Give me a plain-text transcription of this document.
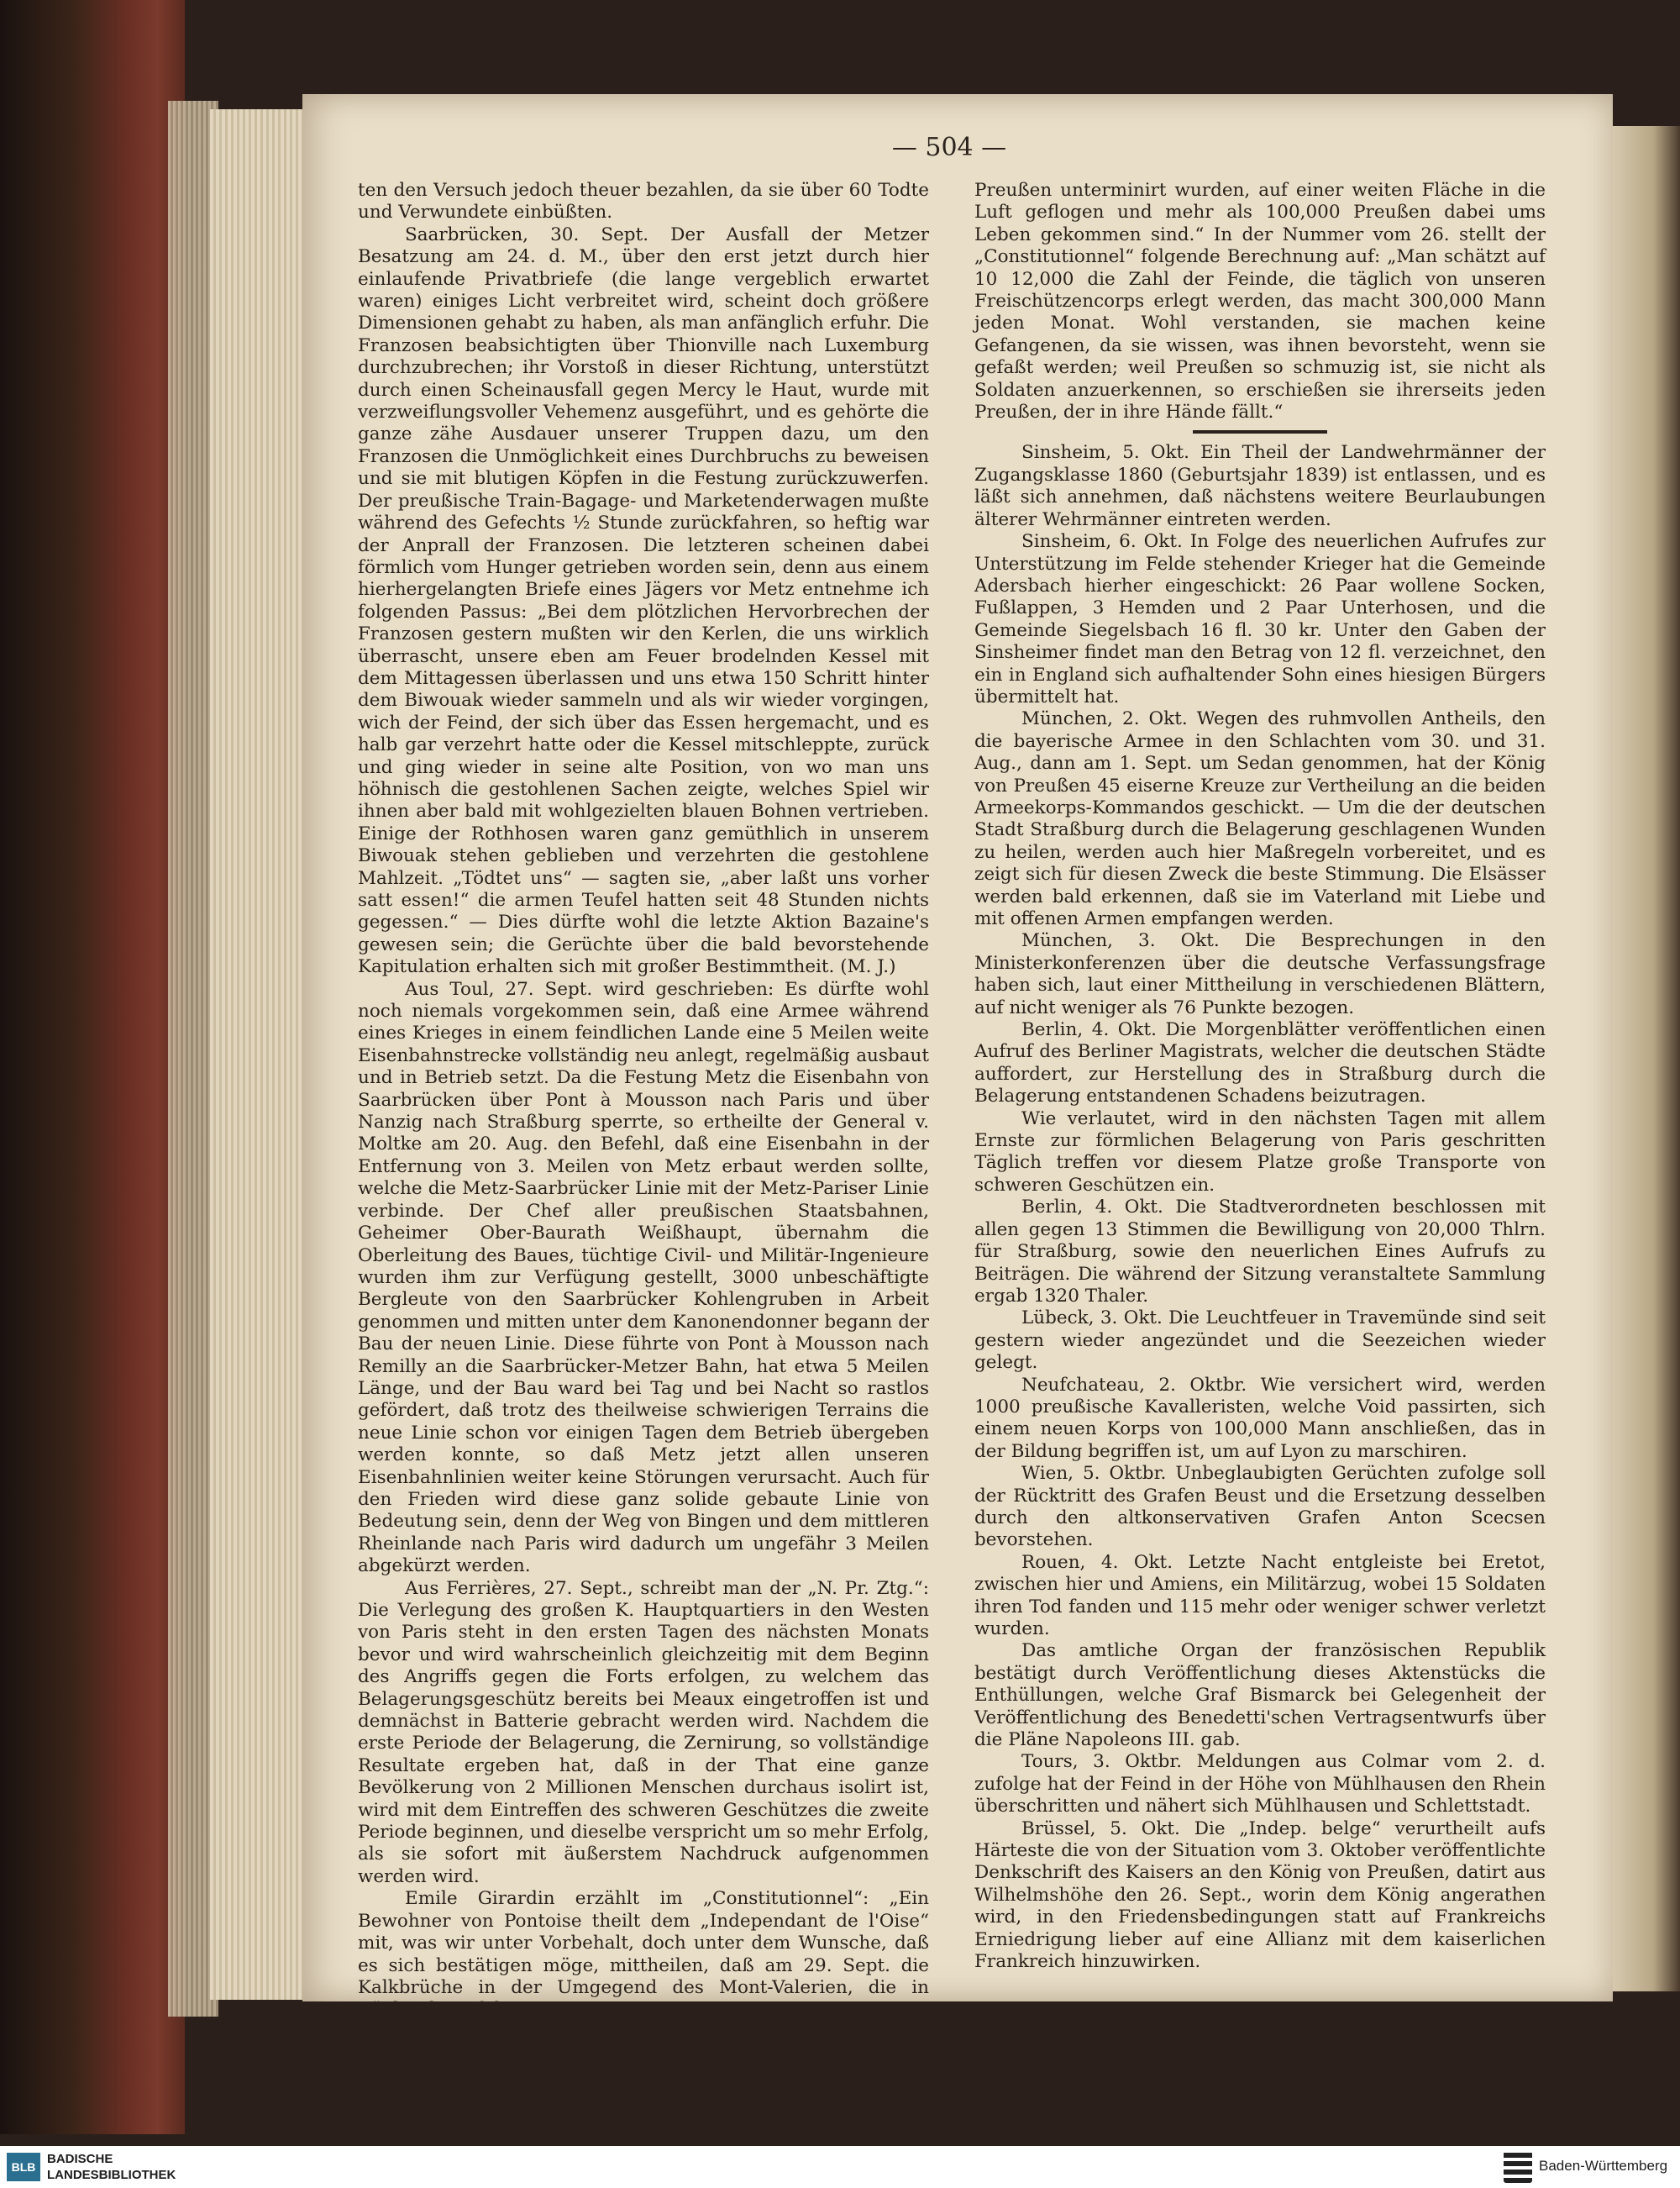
— 504 —

ten den Versuch jedoch theuer bezahlen, da sie über 60 Todte und Verwundete einbüßten.

Saarbrücken, 30. Sept. Der Ausfall der Metzer Besatzung am 24. d. M., über den erst jetzt durch hier einlaufende Privatbriefe (die lange vergeblich erwartet waren) einiges Licht verbreitet wird, scheint doch größere Dimensionen gehabt zu haben, als man anfänglich erfuhr. Die Franzosen beabsichtigten über Thionville nach Luxemburg durchzubrechen; ihr Vorstoß in dieser Richtung, unterstützt durch einen Scheinausfall gegen Mercy le Haut, wurde mit verzweiflungsvoller Vehemenz ausgeführt, und es gehörte die ganze zähe Ausdauer unserer Truppen dazu, um den Franzosen die Unmöglichkeit eines Durchbruchs zu beweisen und sie mit blutigen Köpfen in die Festung zurückzuwerfen. Der preußische Train-Bagage- und Marketenderwagen mußte während des Gefechts ½ Stunde zurückfahren, so heftig war der Anprall der Franzosen. Die letzteren scheinen dabei förmlich vom Hunger getrieben worden sein, denn aus einem hierhergelangten Briefe eines Jägers vor Metz entnehme ich folgenden Passus: „Bei dem plötzlichen Hervorbrechen der Franzosen gestern mußten wir den Kerlen, die uns wirklich überrascht, unsere eben am Feuer brodelnden Kessel mit dem Mittagessen überlassen und uns etwa 150 Schritt hinter dem Biwouak wieder sammeln und als wir wieder vorgingen, wich der Feind, der sich über das Essen hergemacht, und es halb gar verzehrt hatte oder die Kessel mitschleppte, zurück und ging wieder in seine alte Position, von wo man uns höhnisch die gestohlenen Sachen zeigte, welches Spiel wir ihnen aber bald mit wohlgezielten blauen Bohnen vertrieben. Einige der Rothhosen waren ganz gemüthlich in unserem Biwouak stehen geblieben und verzehrten die gestohlene Mahlzeit. „Tödtet uns“ — sagten sie, „aber laßt uns vorher satt essen!“ die armen Teufel hatten seit 48 Stunden nichts gegessen.“ — Dies dürfte wohl die letzte Aktion Bazaine's gewesen sein; die Gerüchte über die bald bevorstehende Kapitulation erhalten sich mit großer Bestimmtheit. (M. J.)

Aus Toul, 27. Sept. wird geschrieben: Es dürfte wohl noch niemals vorgekommen sein, daß eine Armee während eines Krieges in einem feindlichen Lande eine 5 Meilen weite Eisenbahnstrecke vollständig neu anlegt, regelmäßig ausbaut und in Betrieb setzt. Da die Festung Metz die Eisenbahn von Saarbrücken über Pont à Mousson nach Paris und über Nanzig nach Straßburg sperrte, so ertheilte der General v. Moltke am 20. Aug. den Befehl, daß eine Eisenbahn in der Entfernung von 3. Meilen von Metz erbaut werden sollte, welche die Metz-Saarbrücker Linie mit der Metz-Pariser Linie verbinde. Der Chef aller preußischen Staatsbahnen, Geheimer Ober-Baurath Weißhaupt, übernahm die Oberleitung des Baues, tüchtige Civil- und Militär-Ingenieure wurden ihm zur Verfügung gestellt, 3000 unbeschäftigte Bergleute von den Saarbrücker Kohlengruben in Arbeit genommen und mitten unter dem Kanonendonner begann der Bau der neuen Linie. Diese führte von Pont à Mousson nach Remilly an die Saarbrücker-Metzer Bahn, hat etwa 5 Meilen Länge, und der Bau ward bei Tag und bei Nacht so rastlos gefördert, daß trotz des theilweise schwierigen Terrains die neue Linie schon vor einigen Tagen dem Betrieb übergeben werden konnte, so daß Metz jetzt allen unseren Eisenbahnlinien weiter keine Störungen verursacht. Auch für den Frieden wird diese ganz solide gebaute Linie von Bedeutung sein, denn der Weg von Bingen und dem mittleren Rheinlande nach Paris wird dadurch um ungefähr 3 Meilen abgekürzt werden.

Aus Ferrières, 27. Sept., schreibt man der „N. Pr. Ztg.“: Die Verlegung des großen K. Hauptquartiers in den Westen von Paris steht in den ersten Tagen des nächsten Monats bevor und wird wahrscheinlich gleichzeitig mit dem Beginn des Angriffs gegen die Forts erfolgen, zu welchem das Belagerungsgeschütz bereits bei Meaux eingetroffen ist und demnächst in Batterie gebracht werden wird. Nachdem die erste Periode der Belagerung, die Zernirung, so vollständige Resultate ergeben hat, daß in der That eine ganze Bevölkerung von 2 Millionen Menschen durchaus isolirt ist, wird mit dem Eintreffen des schweren Geschützes die zweite Periode beginnen, und dieselbe verspricht um so mehr Erfolg, als sie sofort mit äußerstem Nachdruck aufgenommen werden wird.

Emile Girardin erzählt im „Constitutionnel“: „Ein Bewohner von Pontoise theilt dem „Independant de l'Oise“ mit, was wir unter Vorbehalt, doch unter dem Wunsche, daß es sich bestätigen möge, mittheilen, daß am 29. Sept. die Kalkbrüche in der Umgegend des Mont-Valerien, die in Rücksicht auf die

Preußen unterminirt wurden, auf einer weiten Fläche in die Luft geflogen und mehr als 100,000 Preußen dabei ums Leben gekommen sind.“ In der Nummer vom 26. stellt der „Constitutionnel“ folgende Berechnung auf: „Man schätzt auf 10 12,000 die Zahl der Feinde, die täglich von unseren Freischützencorps erlegt werden, das macht 300,000 Mann jeden Monat. Wohl verstanden, sie machen keine Gefangenen, da sie wissen, was ihnen bevorsteht, wenn sie gefaßt werden; weil Preußen so schmuzig ist, sie nicht als Soldaten anzuerkennen, so erschießen sie ihrerseits jeden Preußen, der in ihre Hände fällt.“

Sinsheim, 5. Okt. Ein Theil der Landwehrmänner der Zugangsklasse 1860 (Geburtsjahr 1839) ist entlassen, und es läßt sich annehmen, daß nächstens weitere Beurlaubungen älterer Wehrmänner eintreten werden.

Sinsheim, 6. Okt. In Folge des neuerlichen Aufrufes zur Unterstützung im Felde stehender Krieger hat die Gemeinde Adersbach hierher eingeschickt: 26 Paar wollene Socken, Fußlappen, 3 Hemden und 2 Paar Unterhosen, und die Gemeinde Siegelsbach 16 fl. 30 kr. Unter den Gaben der Sinsheimer findet man den Betrag von 12 fl. verzeichnet, den ein in England sich aufhaltender Sohn eines hiesigen Bürgers übermittelt hat.

München, 2. Okt. Wegen des ruhmvollen Antheils, den die bayerische Armee in den Schlachten vom 30. und 31. Aug., dann am 1. Sept. um Sedan genommen, hat der König von Preußen 45 eiserne Kreuze zur Vertheilung an die beiden Armeekorps-Kommandos geschickt. — Um die der deutschen Stadt Straßburg durch die Belagerung geschlagenen Wunden zu heilen, werden auch hier Maßregeln vorbereitet, und es zeigt sich für diesen Zweck die beste Stimmung. Die Elsässer werden bald erkennen, daß sie im Vaterland mit Liebe und mit offenen Armen empfangen werden.

München, 3. Okt. Die Besprechungen in den Ministerkonferenzen über die deutsche Verfassungsfrage haben sich, laut einer Mittheilung in verschiedenen Blättern, auf nicht weniger als 76 Punkte bezogen.

Berlin, 4. Okt. Die Morgenblätter veröffentlichen einen Aufruf des Berliner Magistrats, welcher die deutschen Städte auffordert, zur Herstellung des in Straßburg durch die Belagerung entstandenen Schadens beizutragen.

Wie verlautet, wird in den nächsten Tagen mit allem Ernste zur förmlichen Belagerung von Paris geschritten Täglich treffen vor diesem Platze große Transporte von schweren Geschützen ein.

Berlin, 4. Okt. Die Stadtverordneten beschlossen mit allen gegen 13 Stimmen die Bewilligung von 20,000 Thlrn. für Straßburg, sowie den neuerlichen Eines Aufrufs zu Beiträgen. Die während der Sitzung veranstaltete Sammlung ergab 1320 Thaler.

Lübeck, 3. Okt. Die Leuchtfeuer in Travemünde sind seit gestern wieder angezündet und die Seezeichen wieder gelegt.

Neufchateau, 2. Oktbr. Wie versichert wird, werden 1000 preußische Kavalleristen, welche Void passirten, sich einem neuen Korps von 100,000 Mann anschließen, das in der Bildung begriffen ist, um auf Lyon zu marschiren.

Wien, 5. Oktbr. Unbeglaubigten Gerüchten zufolge soll der Rücktritt des Grafen Beust und die Ersetzung desselben durch den altkonservativen Grafen Anton Scecsen bevorstehen.

Rouen, 4. Okt. Letzte Nacht entgleiste bei Eretot, zwischen hier und Amiens, ein Militärzug, wobei 15 Soldaten ihren Tod fanden und 115 mehr oder weniger schwer verletzt wurden.

Das amtliche Organ der französischen Republik bestätigt durch Veröffentlichung dieses Aktenstücks die Enthüllungen, welche Graf Bismarck bei Gelegenheit der Veröffentlichung des Benedetti'schen Vertragsentwurfs über die Pläne Napoleons III. gab.

Tours, 3. Oktbr. Meldungen aus Colmar vom 2. d. zufolge hat der Feind in der Höhe von Mühlhausen den Rhein überschritten und nähert sich Mühlhausen und Schlettstadt.

Brüssel, 5. Okt. Die „Indep. belge“ verurtheilt aufs Härteste die von der Situation vom 3. Oktober veröffentlichte Denkschrift des Kaisers an den König von Preußen, datirt aus Wilhelmshöhe den 26. Sept., worin dem König angerathen wird, in den Friedensbedingungen statt auf Frankreichs Erniedrigung lieber auf eine Allianz mit dem kaiserlichen Frankreich hinzuwirken.

BLB
BADISCHE
LANDESBIBLIOTHEK
Baden-Württemberg
